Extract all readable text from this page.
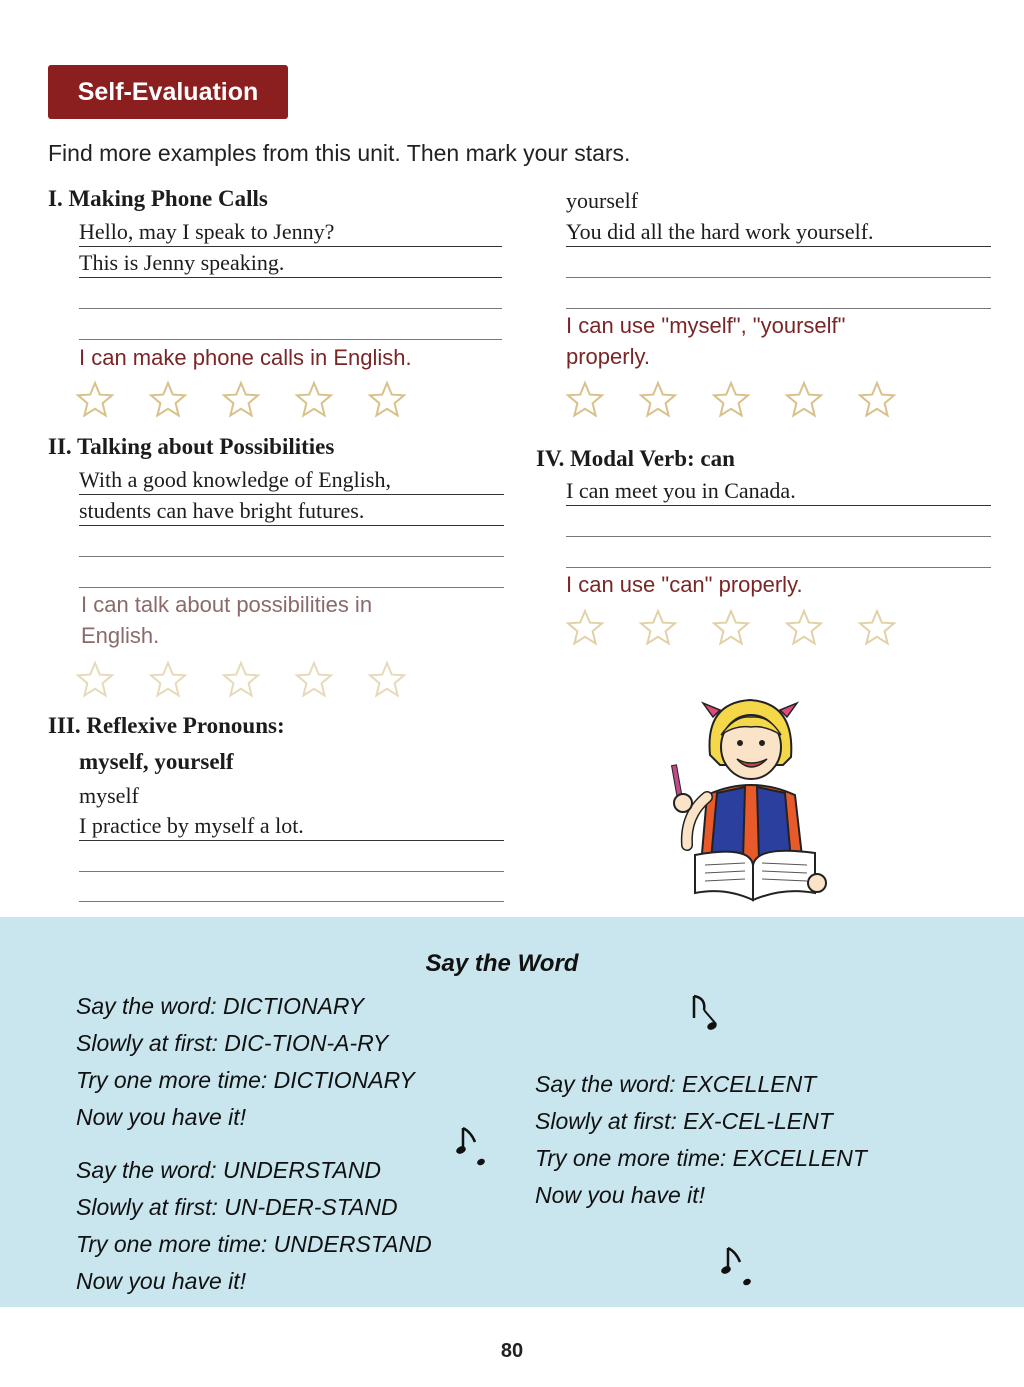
Self-Evaluation
Find more examples from this unit. Then mark your stars.
I. Making Phone Calls
Hello, may I speak to Jenny?
This is Jenny speaking.
I can make phone calls in English.
II. Talking about Possibilities
With a good knowledge of English,
students can have bright futures.
I can talk about possibilities in
English.
III. Reflexive Pronouns:
myself, yourself
myself
I practice by myself a lot.
yourself
You did all the hard work yourself.
I can use "myself", "yourself"
properly.
IV. Modal Verb: can
I can meet you in Canada.
I can use "can" properly.
Say the Word
Say the word: DICTIONARY
Slowly at first: DIC-TION-A-RY
Try one more time: DICTIONARY
Now you have it!
Say the word: UNDERSTAND
Slowly at first: UN-DER-STAND
Try one more time: UNDERSTAND
Now you have it!
Say the word: EXCELLENT
Slowly at first: EX-CEL-LENT
Try one more time: EXCELLENT
Now you have it!
80
